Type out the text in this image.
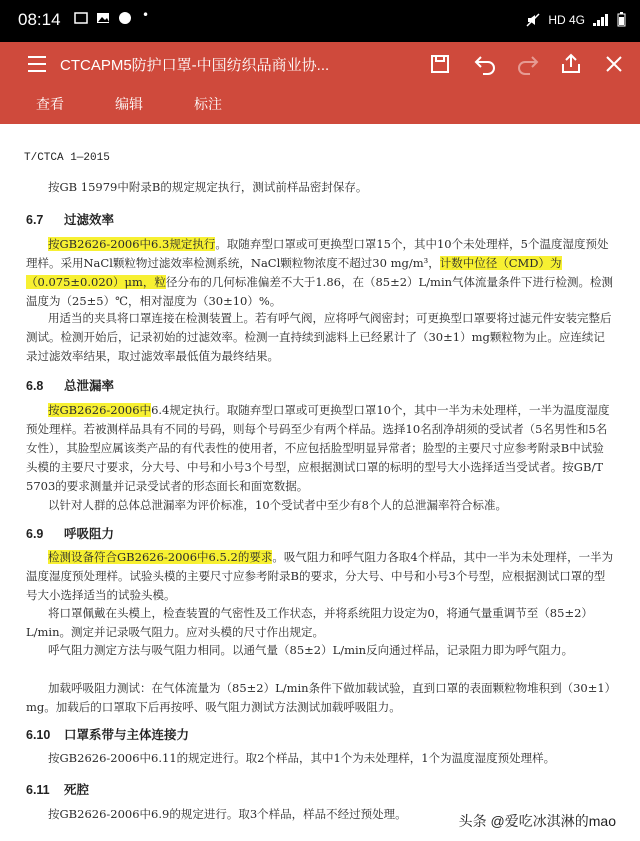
08:14	•	HD 4G
CTCAPM5防护口罩-中国纺织品商业协...
查看	编辑	标注
T/CTCA 1—2015
按GB 15979中附录B的规定规定执行，测试前样品密封保存。
6.7 过滤效率
按GB2626-2006中6.3规定执行。取随弃型口罩或可更换型口罩15个，其中10个未处理样，5个温度湿度预处理样。采用NaCl颗粒物过滤效率检测系统，NaCl颗粒物浓度不超过30 mg/m³，计数中位径（CMD）为（0.075±0.020）μm，粒径分布的几何标准偏差不大于1.86，在（85±2）L/min气体流量条件下进行检测。检测温度为（25±5）℃，相对湿度为（30±10）%。
用适当的夹具将口罩连接在检测装置上。若有呼气阀，应将呼气阀密封；可更换型口罩要将过滤元件安装完整后测试。检测开始后，记录初始的过滤效率。检测一直持续到滤料上已经累计了（30±1）mg颗粒物为止。应连续记录过滤效率结果，取过滤效率最低值为最终结果。
6.8 总泄漏率
按GB2626-2006中6.4规定执行。取随弃型口罩或可更换型口罩10个，其中一半为未处理样，一半为温度湿度预处理样。若被测样品具有不同的号码，则每个号码至少有两个样品。选择10名刮净胡须的受试者（5名男性和5名女性），其脸型应属该类产品的有代表性的使用者，不应包括脸型明显异常者；脸型的主要尺寸应参考附录B中试验头模的主要尺寸要求，分大号、中号和小号3个号型，应根据测试口罩的标明的型号大小选择适当受试者。按GB/T 5703的要求测量并记录受试者的形态面长和面宽数据。
以针对人群的总体总泄漏率为评价标准，10个受试者中至少有8个人的总泄漏率符合标准。
6.9 呼吸阻力
检测设备符合GB2626-2006中6.5.2的要求。吸气阻力和呼气阻力各取4个样品，其中一半为未处理样，一半为温度湿度预处理样。试验头模的主要尺寸应参考附录B的要求，分大号、中号和小号3个号型，应根据测试口罩的型号大小选择适当的试验头模。
将口罩佩戴在头模上，检查装置的气密性及工作状态，并将系统阻力设定为0，将通气量重调节至（85±2）L/min。测定并记录吸气阻力。应对头模的尺寸作出规定。
呼气阻力测定方法与吸气阻力相同。以通气量（85±2）L/min反向通过样品，记录阻力即为呼气阻力。
加载呼吸阻力测试：在气体流量为（85±2）L/min条件下做加载试验，直到口罩的表面颗粒物堆积到（30±1）mg。加载后的口罩取下后再按呼、吸气阻力测试方法测试加载呼吸阻力。
6.10 口罩系带与主体连接力
按GB2626-2006中6.11的规定进行。取2个样品，其中1个为未处理样，1个为温度湿度预处理样。
6.11 死腔
按GB2626-2006中6.9的规定进行。取3个样品，样品不经过预处理。	头条 @爱吃冰淇淋的mao
